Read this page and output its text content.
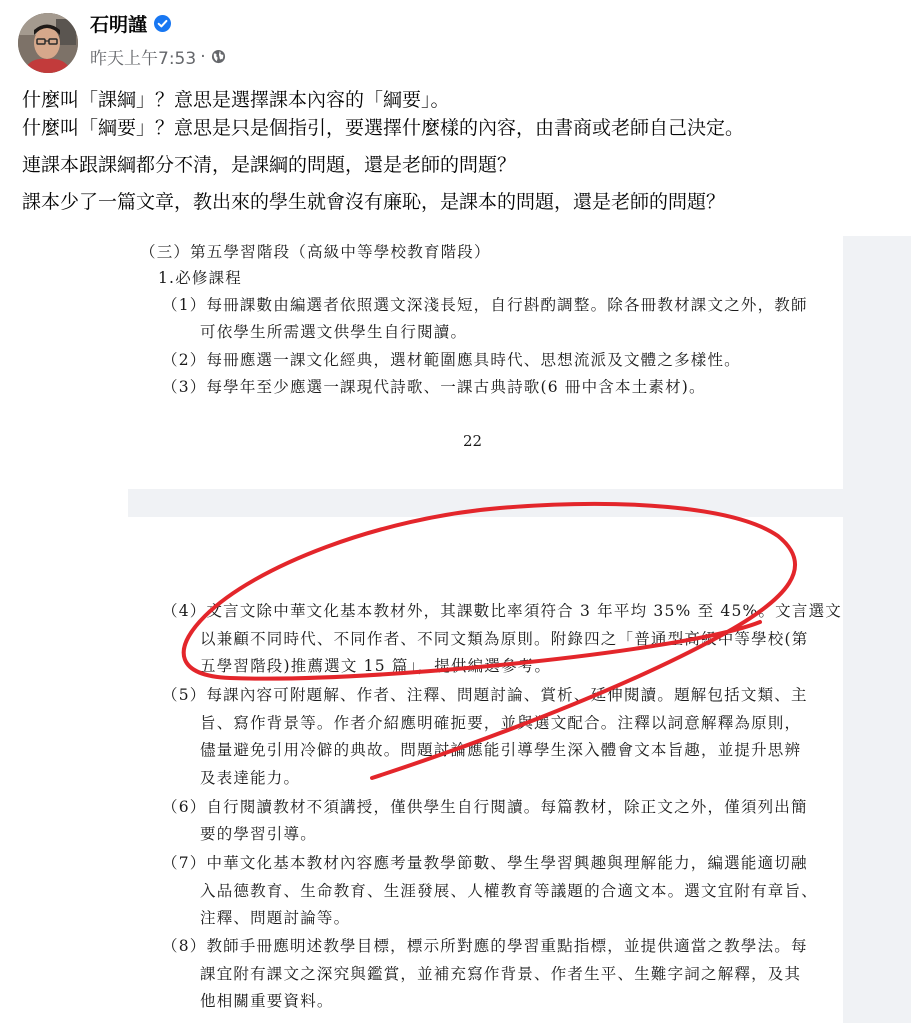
石明謹
昨天上午7:53 ·

什麼叫「課綱」？意思是選擇課本內容的「綱要」。

什麼叫「綱要」？意思是只是個指引，要選擇什麼樣的內容，由書商或老師自己決定。

連課本跟課綱都分不清，是課綱的問題，還是老師的問題？

課本少了一篇文章，教出來的學生就會沒有廉恥，是課本的問題，還是老師的問題？

（三）第五學習階段（高級中等學校教育階段）
1.必修課程
（1）每冊課數由編選者依照選文深淺長短，自行斟酌調整。除各冊教材課文之外，教師
可依學生所需選文供學生自行閱讀。
（2）每冊應選一課文化經典，選材範圍應具時代、思想流派及文體之多樣性。
（3）每學年至少應選一課現代詩歌、一課古典詩歌(6 冊中含本土素材)。
22
（4）文言文除中華文化基本教材外，其課數比率須符合 3 年平均 35% 至 45%。文言選文
以兼顧不同時代、不同作者、不同文類為原則。附錄四之「普通型高級中等學校(第
五學習階段)推薦選文 15 篇」，提供編選參考。
（5）每課內容可附題解、作者、注釋、問題討論、賞析、延伸閱讀。題解包括文類、主
旨、寫作背景等。作者介紹應明確扼要，並與選文配合。注釋以詞意解釋為原則，
儘量避免引用冷僻的典故。問題討論應能引導學生深入體會文本旨趣，並提升思辨
及表達能力。
（6）自行閱讀教材不須講授，僅供學生自行閱讀。每篇教材，除正文之外，僅須列出簡
要的學習引導。
（7）中華文化基本教材內容應考量教學節數、學生學習興趣與理解能力，編選能適切融
入品德教育、生命教育、生涯發展、人權教育等議題的合適文本。選文宜附有章旨、
注釋、問題討論等。
（8）教師手冊應明述教學目標，標示所對應的學習重點指標，並提供適當之教學法。每
課宜附有課文之深究與鑑賞，並補充寫作背景、作者生平、生難字詞之解釋，及其
他相關重要資料。
